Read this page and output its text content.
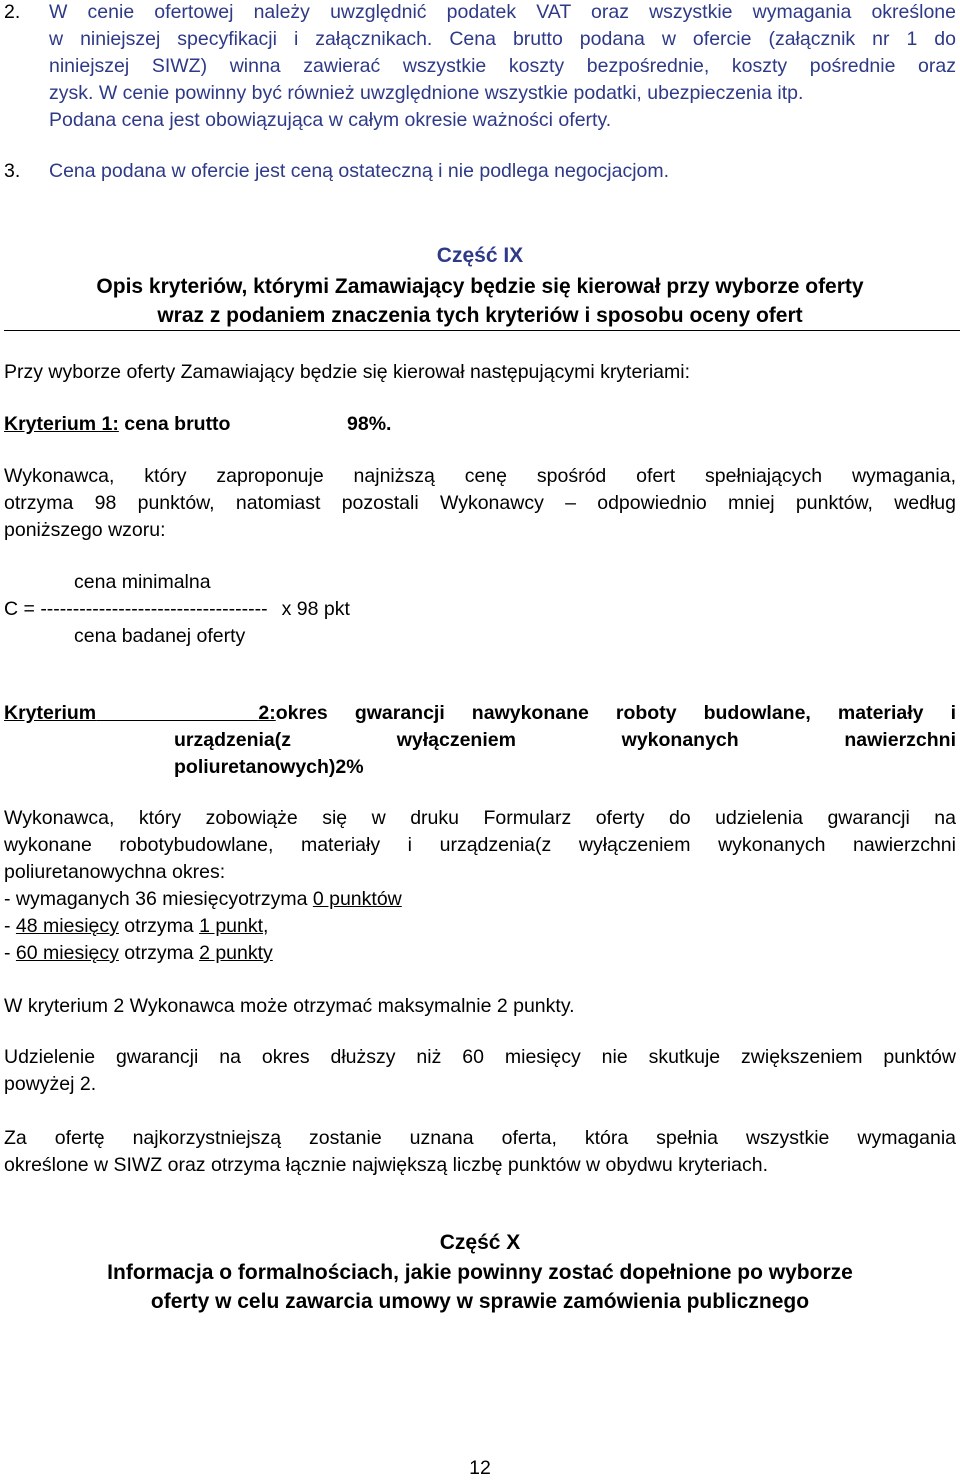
2. W cenie ofertowej należy uwzględnić podatek VAT oraz wszystkie wymagania określone
w niniejszej specyfikacji i załącznikach. Cena brutto podana w ofercie (załącznik nr 1 do
niniejszej SIWZ) winna zawierać wszystkie koszty bezpośrednie, koszty pośrednie oraz
zysk. W cenie powinny być również uwzględnione wszystkie podatki, ubezpieczenia itp.
Podana cena jest obowiązująca w całym okresie ważności oferty.
3. Cena podana w ofercie jest ceną ostateczną i nie podlega negocjacjom.
Część IX
Opis kryteriów, którymi Zamawiający będzie się kierował przy wyborze oferty
wraz z podaniem znaczenia tych kryteriów i sposobu oceny ofert
Przy wyborze oferty Zamawiający będzie się kierował następującymi kryteriami:
Kryterium 1: cena brutto	98%.
Wykonawca, który zaproponuje najniższą cenę spośród ofert spełniających wymagania,
otrzyma 98 punktów, natomiast pozostali Wykonawcy – odpowiednio mniej punktów, według
poniższego wzoru:
cena minimalna
C = ----------------------------------- x 98 pkt
cena badanej oferty
Kryterium	2:okres gwarancji nawykonane roboty budowlane, materiały i
urządzenia(z wyłączeniem wykonanych nawierzchni
poliuretanowych)2%
Wykonawca, który zobowiąże się w druku Formularz oferty do udzielenia gwarancji na
wykonane robotybudowlane, materiały i urządzenia(z wyłączeniem wykonanych nawierzchni
poliuretanowychna okres:
- wymaganych 36 miesięcyotrzyma 0 punktów
- 48 miesięcy otrzyma 1 punkt,
- 60 miesięcy otrzyma 2 punkty
W kryterium 2 Wykonawca może otrzymać maksymalnie 2 punkty.
Udzielenie gwarancji na okres dłuższy niż 60 miesięcy nie skutkuje zwiększeniem punktów
powyżej 2.
Za ofertę najkorzystniejszą zostanie uznana oferta, która spełnia wszystkie wymagania
określone w SIWZ oraz otrzyma łącznie największą liczbę punktów w obydwu kryteriach.
Część X
Informacja o formalnościach, jakie powinny zostać dopełnione po wyborze
oferty w celu zawarcia umowy w sprawie zamówienia publicznego
12
